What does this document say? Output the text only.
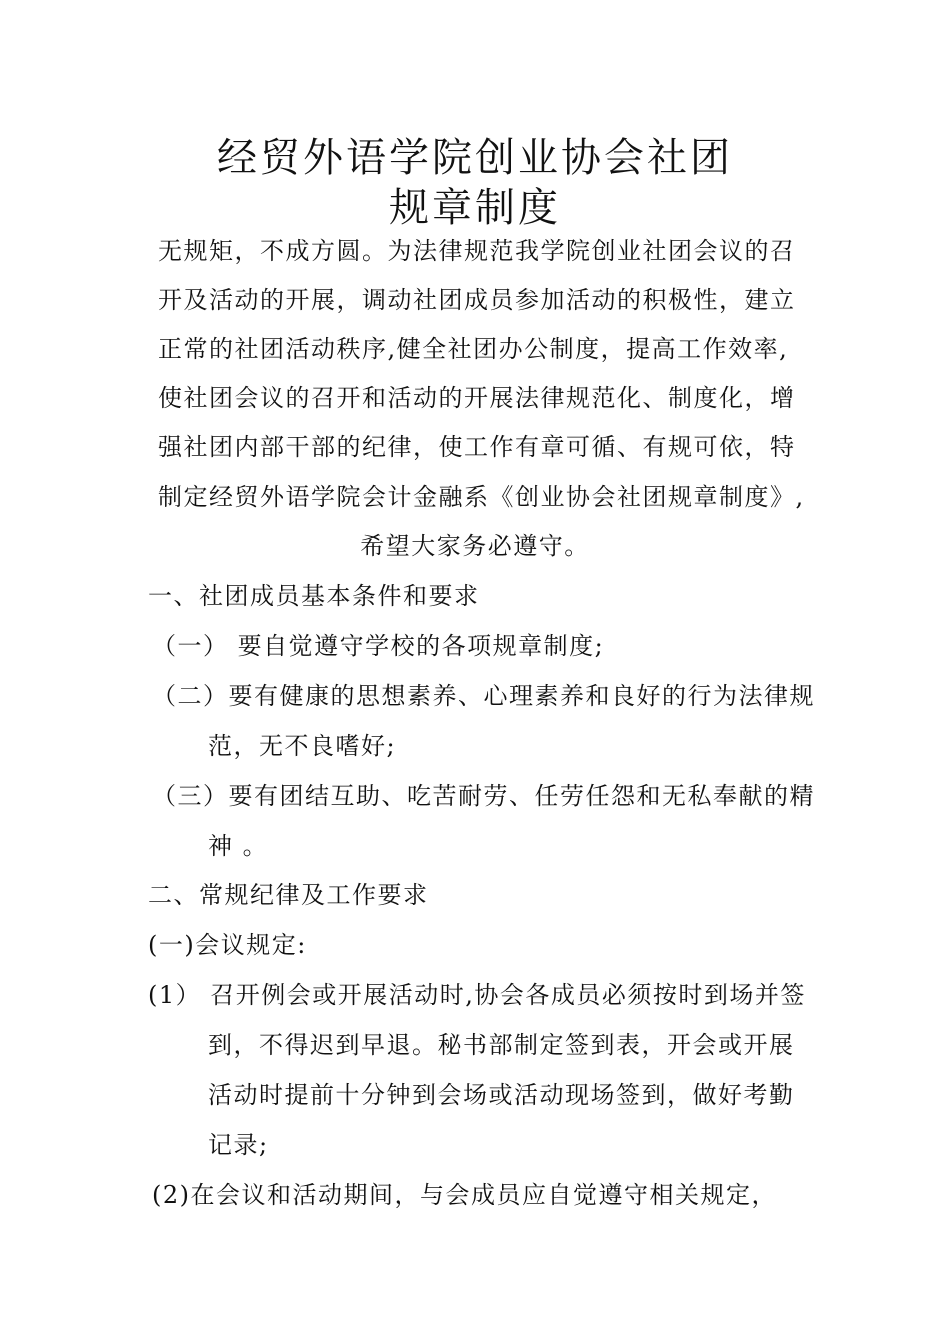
经贸外语学院创业协会社团
规章制度
无规矩，不成方圆。为法律规范我学院创业社团会议的召
开及活动的开展，调动社团成员参加活动的积极性，建立
正常的社团活动秩序,健全社团办公制度，提高工作效率,
使社团会议的召开和活动的开展法律规范化、制度化，增
强社团内部干部的纪律，使工作有章可循、有规可依，特
制定经贸外语学院会计金融系《创业协会社团规章制度》,
希望大家务必遵守。
一、社团成员基本条件和要求
（一） 要自觉遵守学校的各项规章制度;
（二）要有健康的思想素养、心理素养和良好的行为法律规
范，无不良嗜好;
（三）要有团结互助、吃苦耐劳、任劳任怨和无私奉献的精
神 。
二、常规纪律及工作要求
(一)会议规定:
(1） 召开例会或开展活动时,协会各成员必须按时到场并签
到，不得迟到早退。秘书部制定签到表，开会或开展
活动时提前十分钟到会场或活动现场签到，做好考勤
记录;
(2)在会议和活动期间，与会成员应自觉遵守相关规定，
